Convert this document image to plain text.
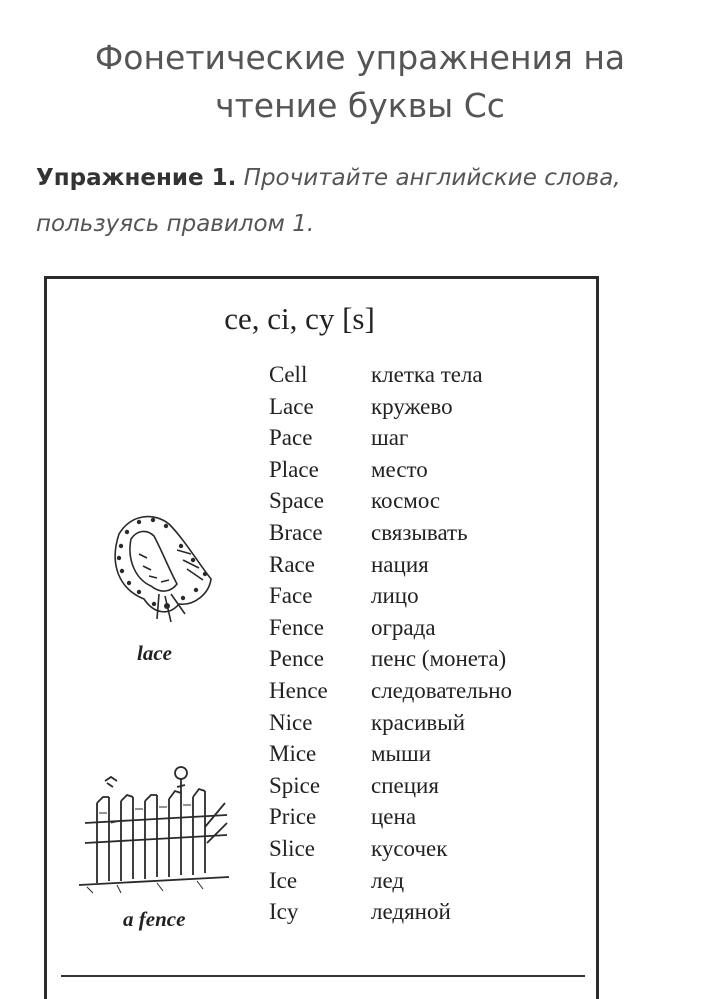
Фонетические упражнения на
чтение буквы Cc
Упражнение 1. Прочитайте английские слова, пользуясь правилом 1.
ce, ci, cy [s]
Cell	клетка тела
Lace кружево
Pace	шаг
Place место
Space космос
Brace связывать
Race нация
Face	лицо
Fence ограда
Pence пенс (монета)
Hence следовательно
Nice	красивый
Mice мыши
Spice специя
Price цена
Slice кусочек
Ice	лед
Icy	ледяной
lace
a fence
